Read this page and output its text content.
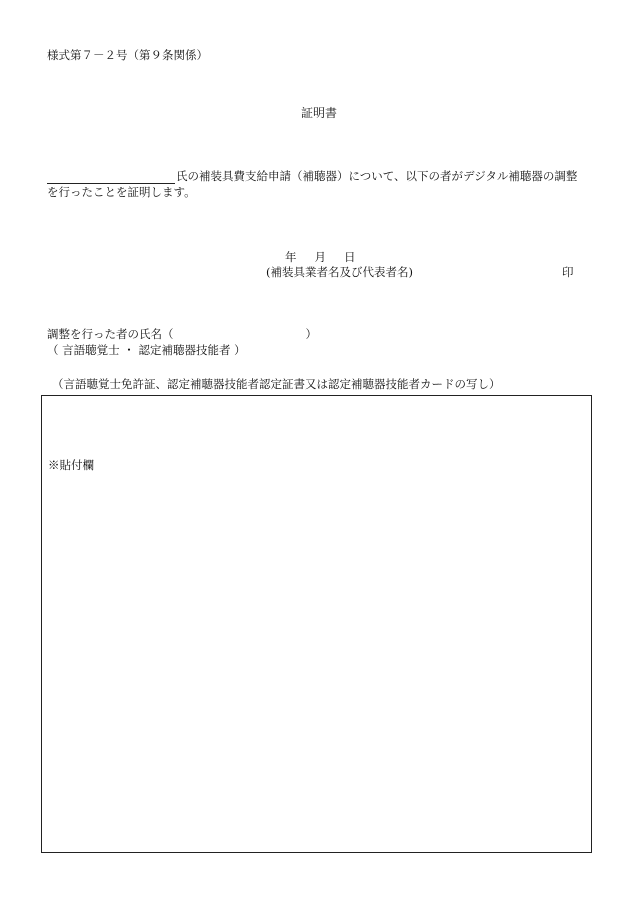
様式第７－２号（第９条関係）
証明書
氏の補装具費支給申請（補聴器）について、以下の者がデジタル補聴器の調整
を行ったことを証明します。
年 月 日
(補装具業者名及び代表者名)	印
調整を行った者の氏名（	）
（ 言語聴覚士 ・ 認定補聴器技能者 ）
（言語聴覚士免許証、認定補聴器技能者認定証書又は認定補聴器技能者カードの写し）
※貼付欄
